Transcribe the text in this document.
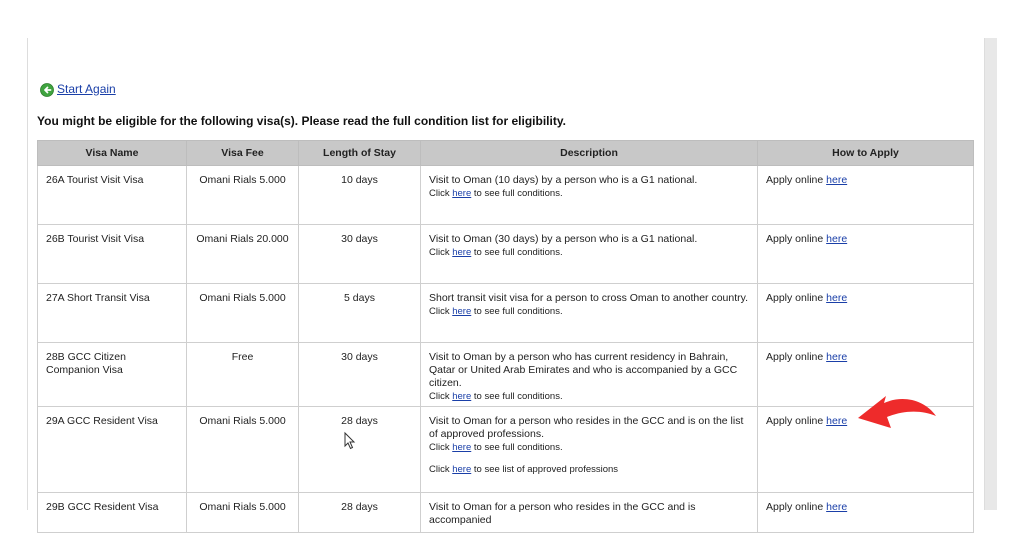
Start Again
You might be eligible for the following visa(s). Please read the full condition list for eligibility.
Visa Name	Visa Fee	Length of Stay	Description	How to Apply
26A Tourist Visit Visa	Omani Rials 5.000	10 days	Visit to Oman (10 days) by a person who is a G1 national.
Click here to see full conditions.	Apply online here
26B Tourist Visit Visa	Omani Rials 20.000	30 days	Visit to Oman (30 days) by a person who is a G1 national.
Click here to see full conditions.	Apply online here
27A Short Transit Visa	Omani Rials 5.000	5 days	Short transit visit visa for a person to cross Oman to another country.
Click here to see full conditions.	Apply online here
28B GCC Citizen Companion Visa	Free	30 days	Visit to Oman by a person who has current residency in Bahrain, Qatar or United Arab Emirates and who is accompanied by a GCC citizen.
Click here to see full conditions.	Apply online here
29A GCC Resident Visa	Omani Rials 5.000	28 days	Visit to Oman for a person who resides in the GCC and is on the list of approved professions.
Click here to see full conditions.
Click here to see list of approved professions	Apply online here
29B GCC Resident Visa	Omani Rials 5.000	28 days	Visit to Oman for a person who resides in the GCC and is accompanied	Apply online here
